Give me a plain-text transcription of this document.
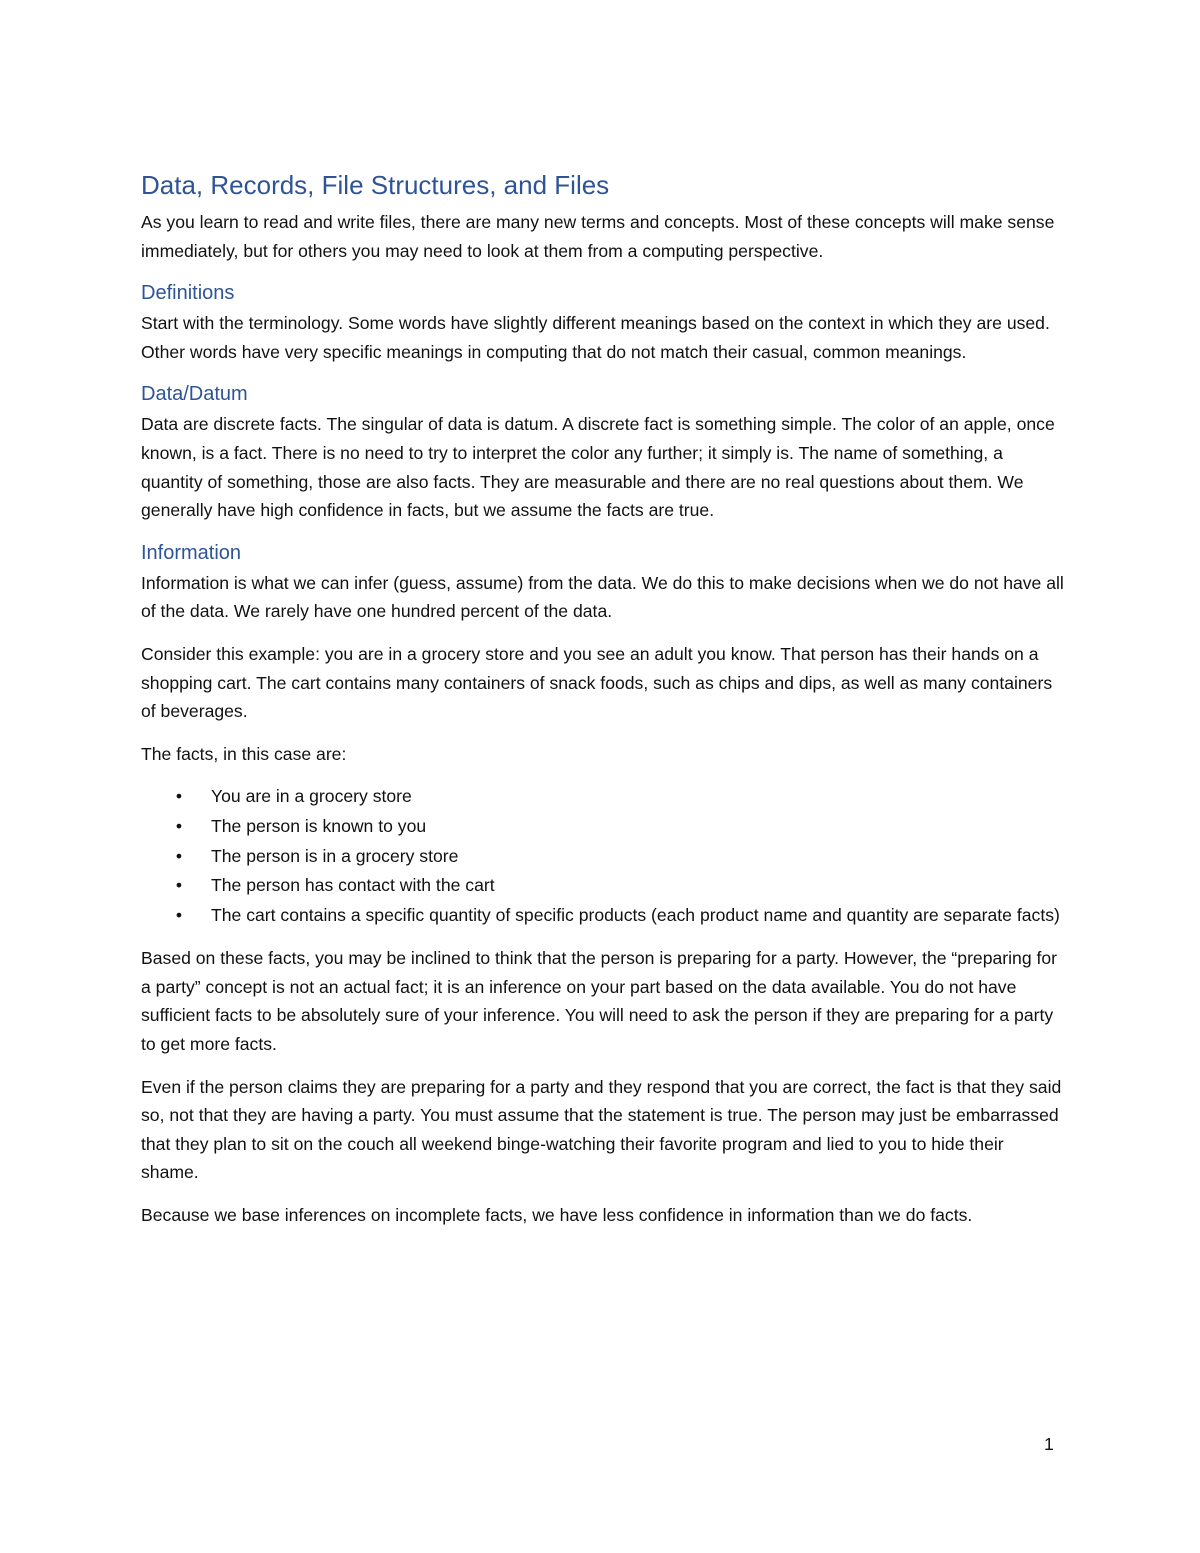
Data, Records, File Structures, and Files

As you learn to read and write files, there are many new terms and concepts. Most of these concepts will make sense immediately, but for others you may need to look at them from a computing perspective.

Definitions

Start with the terminology. Some words have slightly different meanings based on the context in which they are used. Other words have very specific meanings in computing that do not match their casual, common meanings.

Data/Datum

Data are discrete facts. The singular of data is datum. A discrete fact is something simple. The color of an apple, once known, is a fact. There is no need to try to interpret the color any further; it simply is. The name of something, a quantity of something, those are also facts. They are measurable and there are no real questions about them. We generally have high confidence in facts, but we assume the facts are true.

Information

Information is what we can infer (guess, assume) from the data. We do this to make decisions when we do not have all of the data. We rarely have one hundred percent of the data.

Consider this example: you are in a grocery store and you see an adult you know. That person has their hands on a shopping cart. The cart contains many containers of snack foods, such as chips and dips, as well as many containers of beverages.

The facts, in this case are:

• You are in a grocery store
• The person is known to you
• The person is in a grocery store
• The person has contact with the cart
• The cart contains a specific quantity of specific products (each product name and quantity are separate facts)

Based on these facts, you may be inclined to think that the person is preparing for a party. However, the “preparing for a party” concept is not an actual fact; it is an inference on your part based on the data available. You do not have sufficient facts to be absolutely sure of your inference. You will need to ask the person if they are preparing for a party to get more facts.

Even if the person claims they are preparing for a party and they respond that you are correct, the fact is that they said so, not that they are having a party. You must assume that the statement is true. The person may just be embarrassed that they plan to sit on the couch all weekend binge-watching their favorite program and lied to you to hide their shame.

Because we base inferences on incomplete facts, we have less confidence in information than we do facts.

1
